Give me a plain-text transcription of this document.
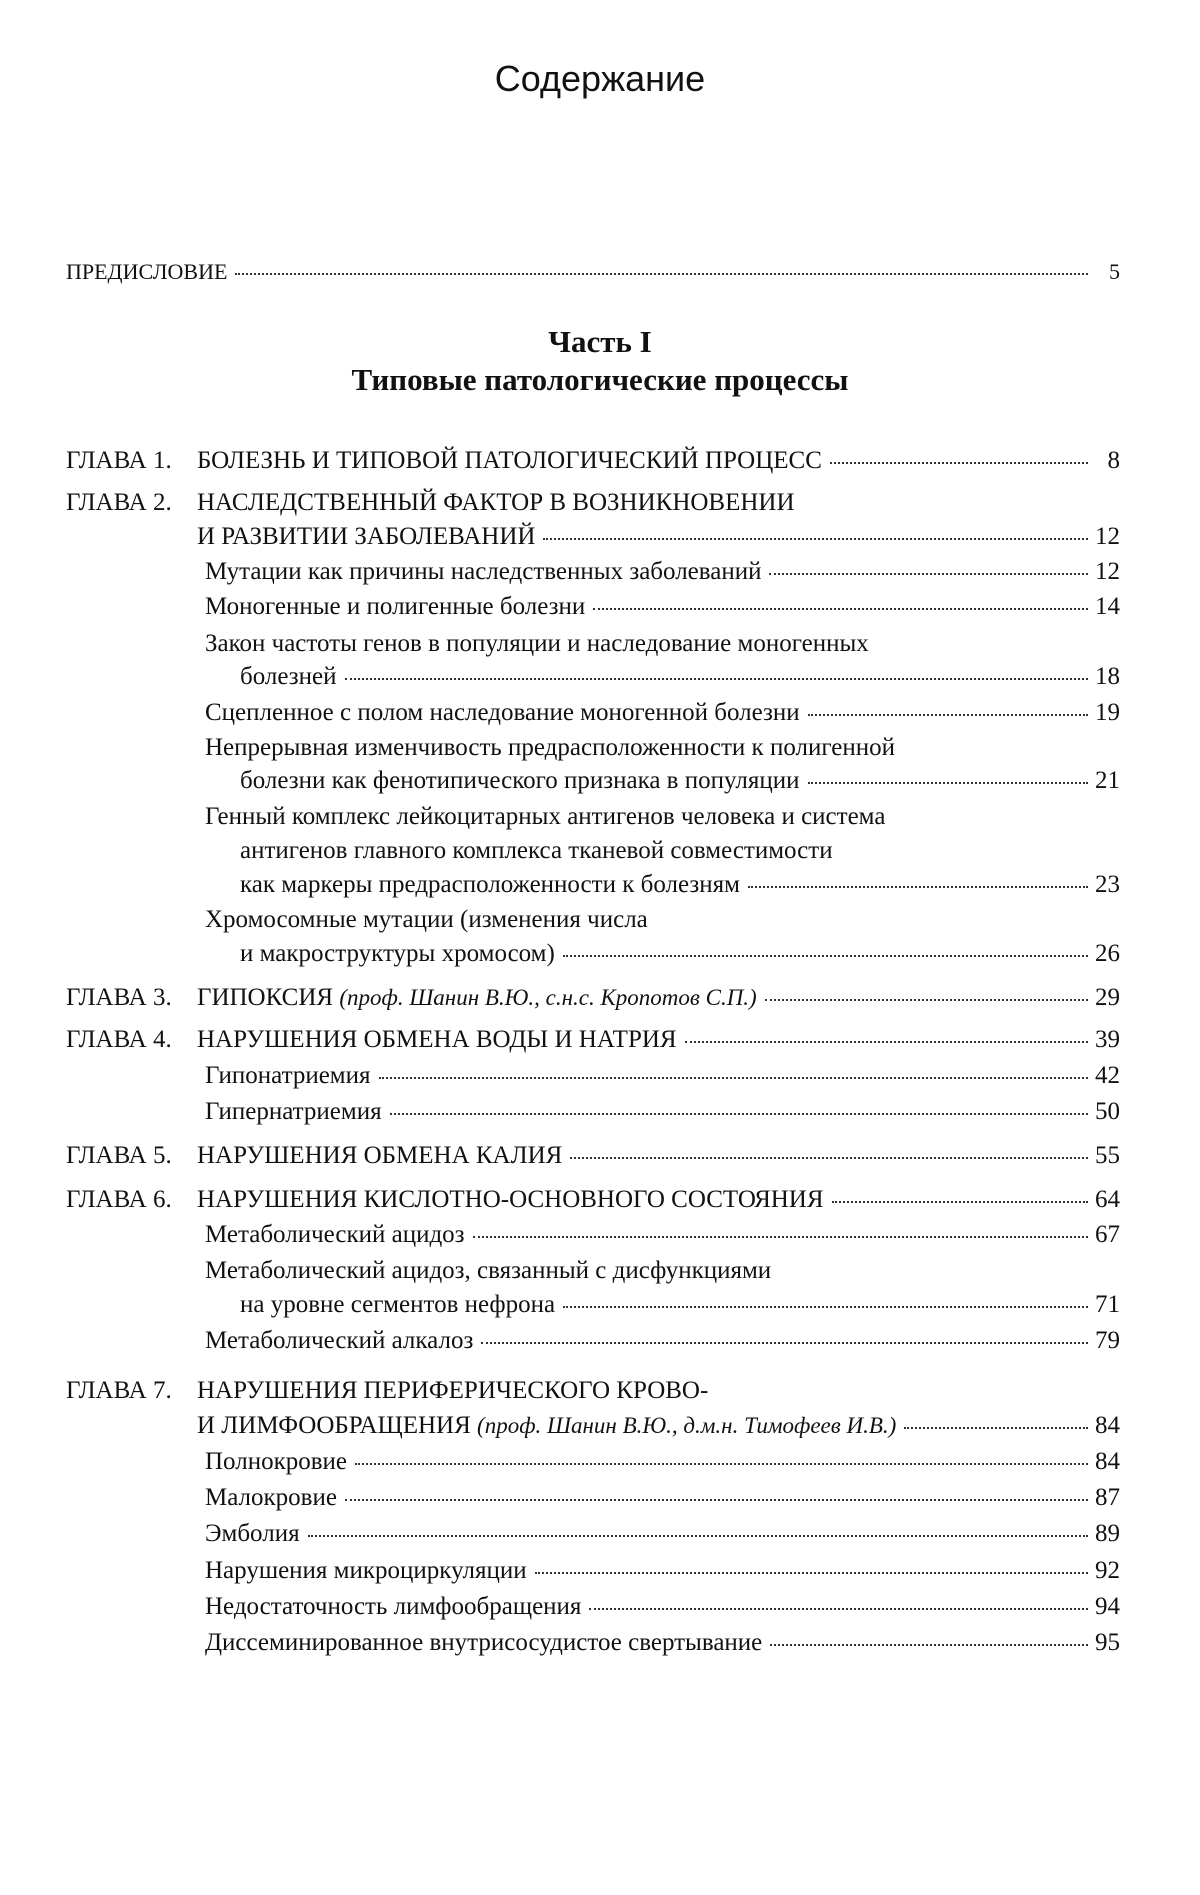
Содержание
ПРЕДИСЛОВИЕ	5
Часть I
Типовые патологические процессы
ГЛАВА 1. БОЛЕЗНЬ И ТИПОВОЙ ПАТОЛОГИЧЕСКИЙ ПРОЦЕСС	8
ГЛАВА 2. НАСЛЕДСТВЕННЫЙ ФАКТОР В ВОЗНИКНОВЕНИИ
И РАЗВИТИИ ЗАБОЛЕВАНИЙ	12
Мутации как причины наследственных заболеваний	12
Моногенные и полигенные болезни	14
Закон частоты генов в популяции и наследование моногенных
болезней	18
Сцепленное с полом наследование моногенной болезни	19
Непрерывная изменчивость предрасположенности к полигенной
болезни как фенотипического признака в популяции	21
Генный комплекс лейкоцитарных антигенов человека и система
антигенов главного комплекса тканевой совместимости
как маркеры предрасположенности к болезням	23
Хромосомные мутации (изменения числа
и макроструктуры хромосом)	26
ГЛАВА 3. ГИПОКСИЯ
(проф. Шанин В.Ю., с.н.с. Кропотов С.П.)	29
ГЛАВА 4. НАРУШЕНИЯ ОБМЕНА ВОДЫ И НАТРИЯ	39
Гипонатриемия	42
Гипернатриемия	50
ГЛАВА 5. НАРУШЕНИЯ ОБМЕНА КАЛИЯ	55
ГЛАВА 6. НАРУШЕНИЯ КИСЛОТНО-ОСНОВНОГО СОСТОЯНИЯ	64
Метаболический ацидоз	67
Метаболический ацидоз, связанный с дисфункциями
на уровне сегментов нефрона	71
Метаболический алкалоз	79
ГЛАВА 7. НАРУШЕНИЯ ПЕРИФЕРИЧЕСКОГО КРОВО-
И ЛИМФООБРАЩЕНИЯ
(проф. Шанин В.Ю., д.м.н. Тимофеев И.В.)	84
Полнокровие	84
Малокровие	87
Эмболия	89
Нарушения микроциркуляции	92
Недостаточность лимфообращения	94
Диссеминированное внутрисосудистое свертывание	95
